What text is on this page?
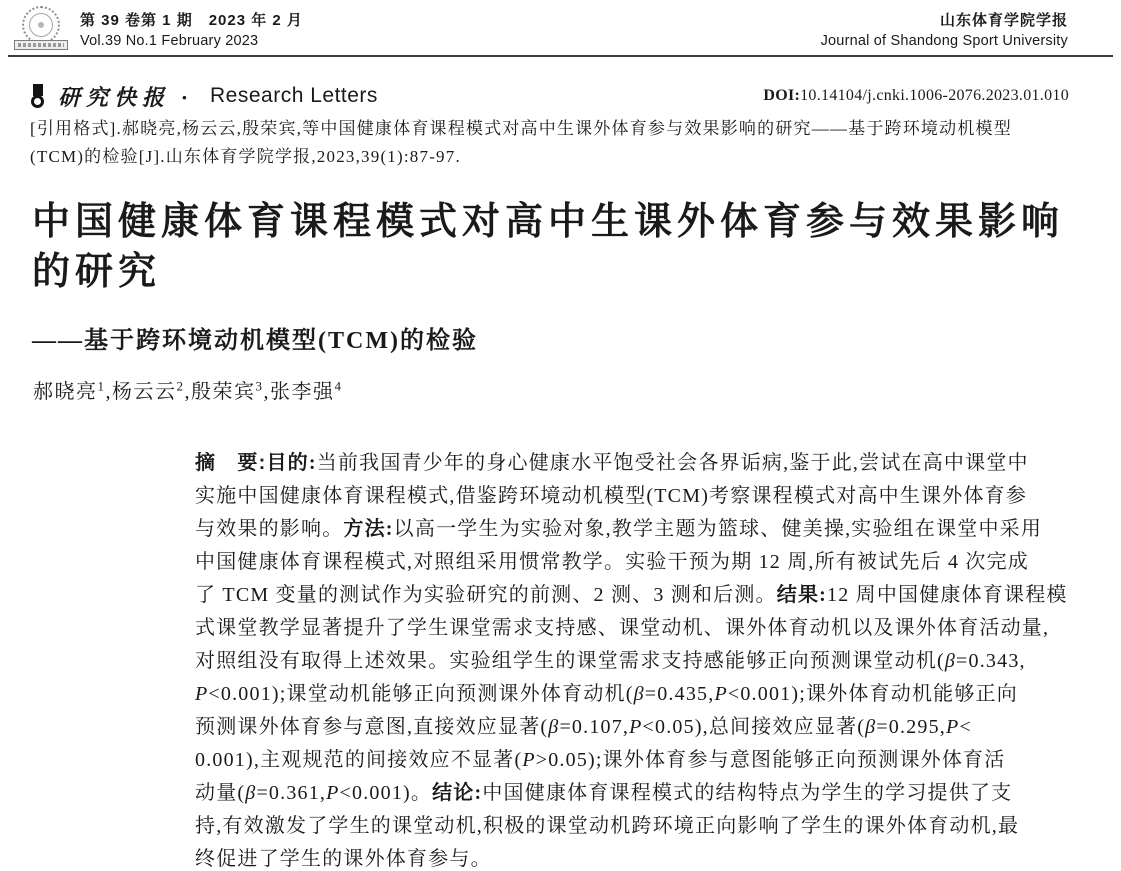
第 39 卷第 1 期　2023 年 2 月
Vol.39 No.1 February 2023
山东体育学院学报
Journal of Shandong Sport University
研究快报 · Research Letters	DOI:10.14104/j.cnki.1006-2076.2023.01.010
[引用格式].郝晓亮,杨云云,殷荣宾,等中国健康体育课程模式对高中生课外体育参与效果影响的研究——基于跨环境动机模型
(TCM)的检验[J].山东体育学院学报,2023,39(1):87-97.
中国健康体育课程模式对高中生课外体育参与效果影响
的研究
——基于跨环境动机模型(TCM)的检验
郝晓亮$^1$,杨云云$^2$,殷荣宾$^3$,张李强$^4$
摘　要:目的:当前我国青少年的身心健康水平饱受社会各界诟病,鉴于此,尝试在高中课堂中
实施中国健康体育课程模式,借鉴跨环境动机模型(TCM)考察课程模式对高中生课外体育参
与效果的影响。方法:以高一学生为实验对象,教学主题为篮球、健美操,实验组在课堂中采用
中国健康体育课程模式,对照组采用惯常教学。实验干预为期 12 周,所有被试先后 4 次完成
了 TCM 变量的测试作为实验研究的前测、2 测、3 测和后测。结果:12 周中国健康体育课程模
式课堂教学显著提升了学生课堂需求支持感、课堂动机、课外体育动机以及课外体育活动量,
对照组没有取得上述效果。实验组学生的课堂需求支持感能够正向预测课堂动机(β=0.343,
P<0.001);课堂动机能够正向预测课外体育动机(β=0.435,P<0.001);课外体育动机能够正向
预测课外体育参与意图,直接效应显著(β=0.107,P<0.05),总间接效应显著(β=0.295,P<
0.001),主观规范的间接效应不显著(P>0.05);课外体育参与意图能够正向预测课外体育活
动量(β=0.361,P<0.001)。结论:中国健康体育课程模式的结构特点为学生的学习提供了支
持,有效激发了学生的课堂动机,积极的课堂动机跨环境正向影响了学生的课外体育动机,最
终促进了学生的课外体育参与。
